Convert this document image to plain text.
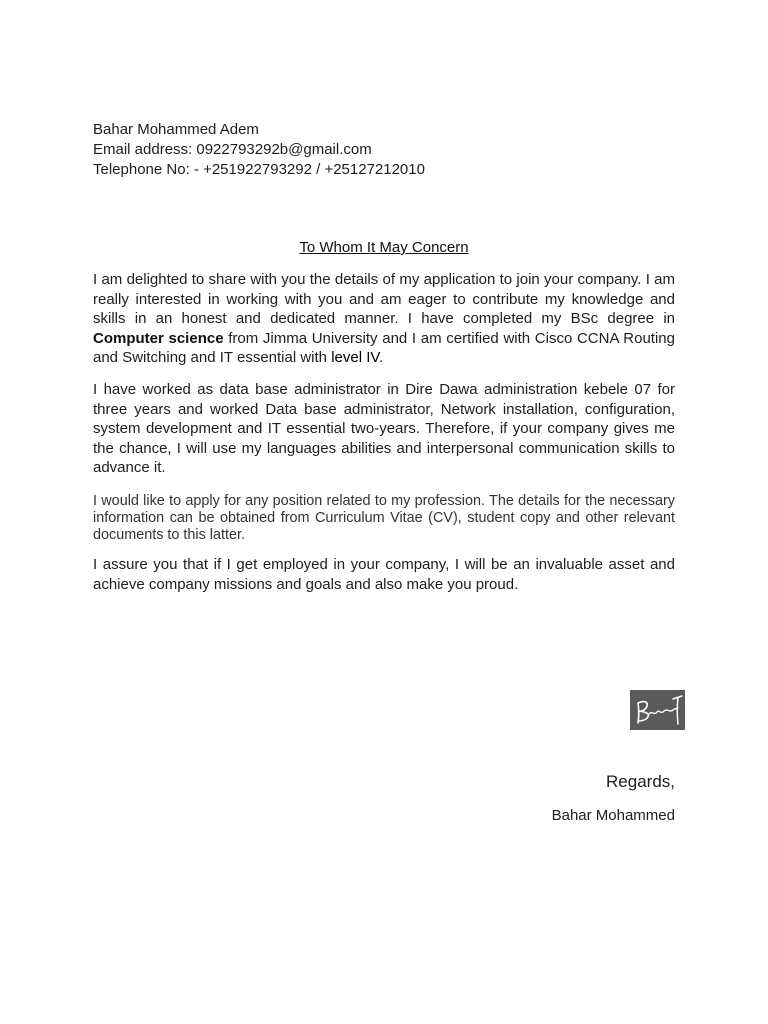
Bahar Mohammed Adem
Email address: 0922793292b@gmail.com
Telephone No: - +251922793292 / +25127212010
To Whom It May Concern

I am delighted to share with you the details of my application to join your company. I am really interested in working with you and am eager to contribute my knowledge and skills in an honest and dedicated manner. I have completed my BSc degree in Computer science from Jimma University and I am certified with Cisco CCNA Routing and Switching and IT essential with level IV.

I have worked as data base administrator in Dire Dawa administration kebele 07 for three years and worked Data base administrator, Network installation, configuration, system development and IT essential two-years. Therefore, if your company gives me the chance, I will use my languages abilities and interpersonal communication skills to advance it.

I would like to apply for any position related to my profession. The details for the necessary information can be obtained from Curriculum Vitae (CV), student copy and other relevant documents to this latter.

I assure you that if I get employed in your company, I will be an invaluable asset and achieve company missions and goals and also make you proud.

Regards,
Bahar Mohammed
